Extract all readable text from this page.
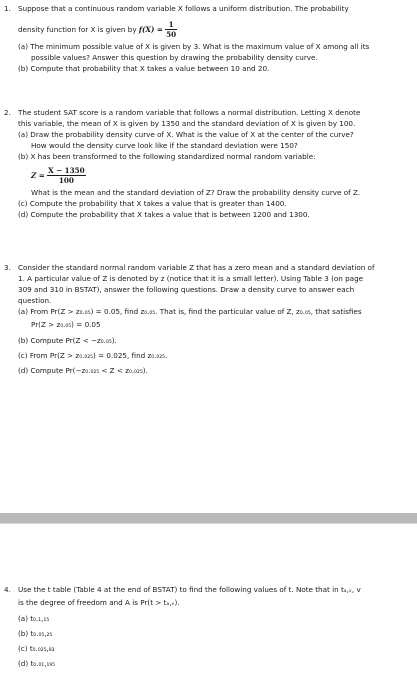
1. Suppose that a continuous random variable X follows a uniform distribution. The probability
density function for X is given by $f(X) = \frac{1}{50}$
(a) The minimum possible value of X is given by 3. What is the maximum value of X among all its
possible values? Answer this question by drawing the probability density curve.
(b) Compute that probability that X takes a value between 10 and 20.
2. The student SAT score is a random variable that follows a normal distribution. Letting X denote
this variable, the mean of X is given by 1350 and the standard deviation of X is given by 100.
(a) Draw the probability density curve of X. What is the value of X at the center of the curve?
How would the density curve look like if the standard deviation were 150?
(b) X has been transformed to the following standardized normal random variable:
$Z = \frac{X - 1350}{100}$
What is the mean and the standard deviation of Z? Draw the probability density curve of Z.
(c) Compute the probability that X takes a value that is greater than 1400.
(d) Compute the probability that X takes a value that is between 1200 and 1300.
3. Consider the standard normal random variable Z that has a zero mean and a standard deviation of
1. A particular value of Z is denoted by z (notice that it is a small letter). Using Table 3 (on page
309 and 310 in BSTAT), answer the following questions. Draw a density curve to answer each
question.
(a) From Pr(Z > z₀.₀₅) = 0.05, find z₀.₀₅. That is, find the particular value of Z, z₀.₀₅, that satisfies
Pr(Z > z₀.₀₅) = 0.05
(b) Compute Pr(Z < −z₀.₀₅).
(c) From Pr(Z > z₀.₀₂₅) = 0.025, find z₀.₀₂₅.
(d) Compute Pr(−z₀.₀₂₅ < Z < z₀.₀₂₅).
4. Use the t table (Table 4 at the end of BSTAT) to find the following values of t. Note that in tₐ,ᵥ, v
is the degree of freedom and A is Pr(t > tₐ,ᵥ).
(a) t₀.₁,₁₅
(b) t₀.₀₅,₂₅
(c) t₀.₀₂₅,₈₃
(d) t₀.₀₁,₁₉₅
